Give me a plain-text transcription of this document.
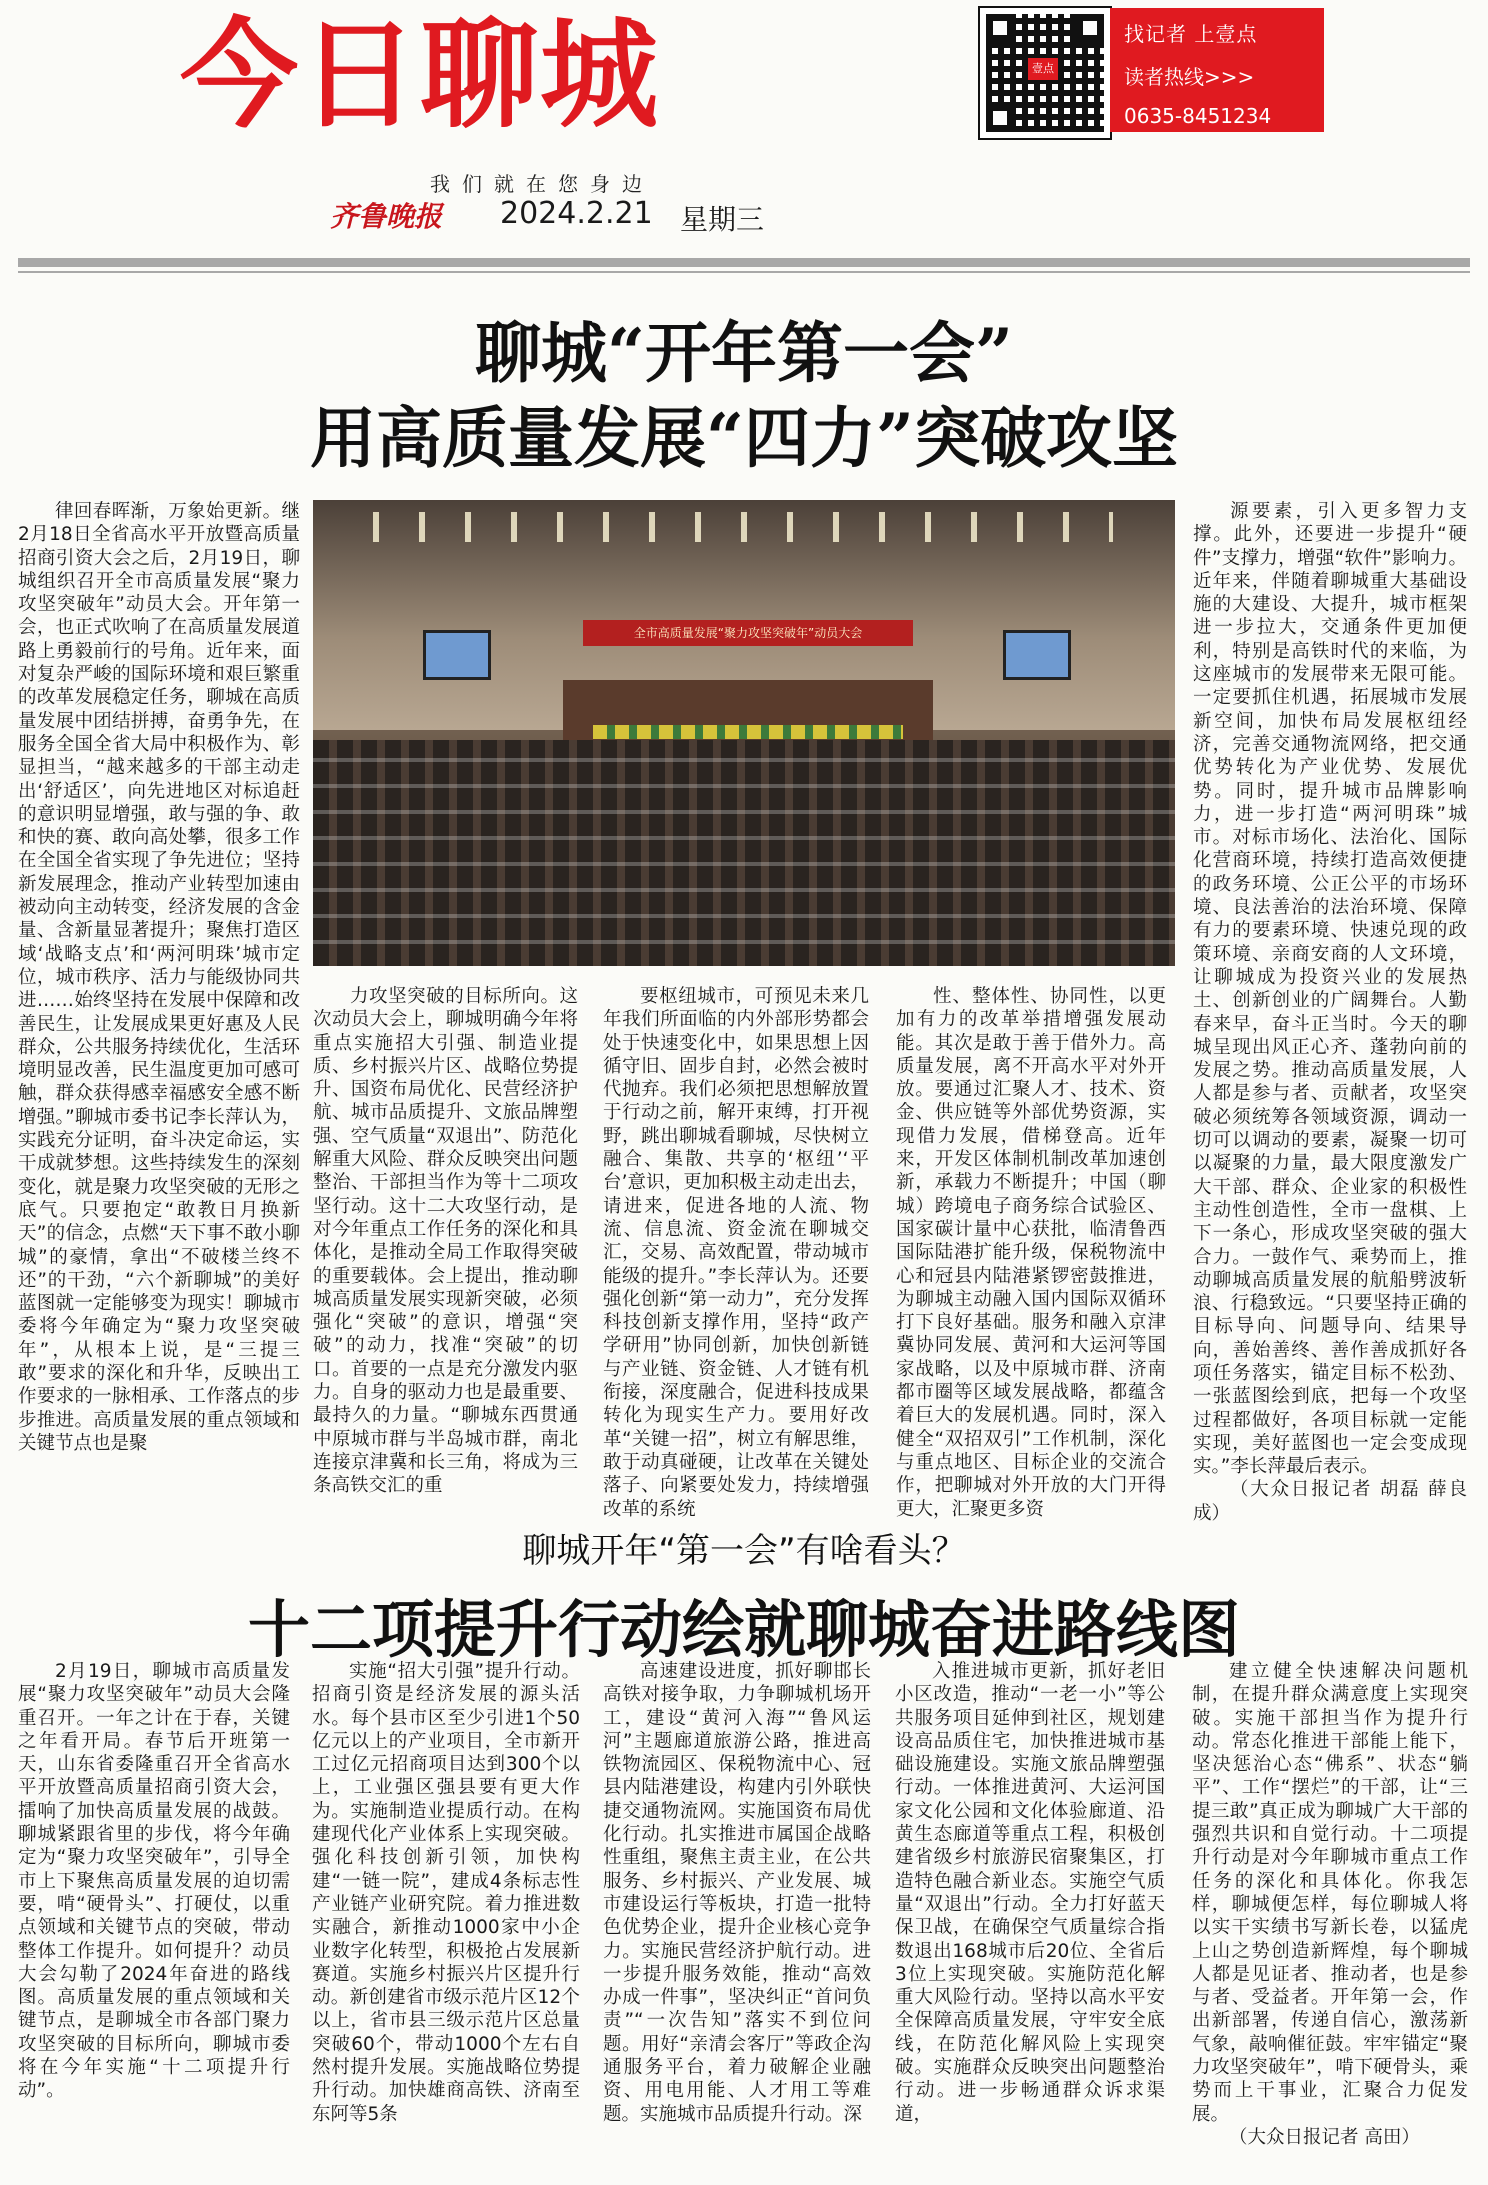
今日聊城	壹点
找记者 上壹点
读者热线>>>
0635-8451234
我们就在您身边
齐鲁晚报 2024.2.21 星期三
聊城“开年第一会”
用高质量发展“四力”突破攻坚

律回春晖渐，万象始更新。继2月18日全省高水平开放暨高质量招商引资大会之后，2月19日，聊城组织召开全市高质量发展“聚力攻坚突破年”动员大会。开年第一会，也正式吹响了在高质量发展道路上勇毅前行的号角。近年来，面对复杂严峻的国际环境和艰巨繁重的改革发展稳定任务，聊城在高质量发展中团结拼搏，奋勇争先，在服务全国全省大局中积极作为、彰显担当，“越来越多的干部主动走出‘舒适区’，向先进地区对标追赶的意识明显增强，敢与强的争、敢和快的赛、敢向高处攀，很多工作在全国全省实现了争先进位；坚持新发展理念，推动产业转型加速由被动向主动转变，经济发展的含金量、含新量显著提升；聚焦打造区域‘战略支点’和‘两河明珠’城市定位，城市秩序、活力与能级协同共进……始终坚持在发展中保障和改善民生，让发展成果更好惠及人民群众，公共服务持续优化，生活环境明显改善，民生温度更加可感可触，群众获得感幸福感安全感不断增强。”聊城市委书记李长萍认为，实践充分证明，奋斗决定命运，实干成就梦想。这些持续发生的深刻变化，就是聚力攻坚突破的无形之底气。只要抱定“敢教日月换新天”的信念，点燃“天下事不敢小聊城”的豪情，拿出“不破楼兰终不还”的干劲，“六个新聊城”的美好蓝图就一定能够变为现实！聊城市委将今年确定为“聚力攻坚突破年”，从根本上说，是“三提三敢”要求的深化和升华，反映出工作要求的一脉相承、工作落点的步步推进。高质量发展的重点领域和关键节点也是聚

全市高质量发展“聚力攻坚突破年”动员大会

力攻坚突破的目标所向。这次动员大会上，聊城明确今年将重点实施招大引强、制造业提质、乡村振兴片区、战略位势提升、国资布局优化、民营经济护航、城市品质提升、文旅品牌塑强、空气质量“双退出”、防范化解重大风险、群众反映突出问题整治、干部担当作为等十二项攻坚行动。这十二大攻坚行动，是对今年重点工作任务的深化和具体化，是推动全局工作取得突破的重要载体。会上提出，推动聊城高质量发展实现新突破，必须强化“突破”的意识，增强“突破”的动力，找准“突破”的切口。首要的一点是充分激发内驱力。自身的驱动力也是最重要、最持久的力量。“聊城东西贯通中原城市群与半岛城市群，南北连接京津冀和长三角，将成为三条高铁交汇的重

要枢纽城市，可预见未来几年我们所面临的内外部形势都会处于快速变化中，如果思想上因循守旧、固步自封，必然会被时代抛弃。我们必须把思想解放置于行动之前，解开束缚，打开视野，跳出聊城看聊城，尽快树立融合、集散、共享的‘枢纽’‘平台’意识，更加积极主动走出去，请进来，促进各地的人流、物流、信息流、资金流在聊城交汇，交易、高效配置，带动城市能级的提升。”李长萍认为。还要强化创新“第一动力”，充分发挥科技创新支撑作用，坚持“政产学研用”协同创新，加快创新链与产业链、资金链、人才链有机衔接，深度融合，促进科技成果转化为现实生产力。要用好改革“关键一招”，树立有解思维，敢于动真碰硬，让改革在关键处落子、向紧要处发力，持续增强改革的系统

性、整体性、协同性，以更加有力的改革举措增强发展动能。其次是敢于善于借外力。高质量发展，离不开高水平对外开放。要通过汇聚人才、技术、资金、供应链等外部优势资源，实现借力发展，借梯登高。近年来，开发区体制机制改革加速创新，承载力不断提升；中国（聊城）跨境电子商务综合试验区、国家碳计量中心获批，临清鲁西国际陆港扩能升级，保税物流中心和冠县内陆港紧锣密鼓推进，为聊城主动融入国内国际双循环打下良好基础。服务和融入京津冀协同发展、黄河和大运河等国家战略，以及中原城市群、济南都市圈等区域发展战略，都蕴含着巨大的发展机遇。同时，深入健全“双招双引”工作机制，深化与重点地区、目标企业的交流合作，把聊城对外开放的大门开得更大，汇聚更多资

源要素，引入更多智力支撑。此外，还要进一步提升“硬件”支撑力，增强“软件”影响力。近年来，伴随着聊城重大基础设施的大建设、大提升，城市框架进一步拉大，交通条件更加便利，特别是高铁时代的来临，为这座城市的发展带来无限可能。一定要抓住机遇，拓展城市发展新空间，加快布局发展枢纽经济，完善交通物流网络，把交通优势转化为产业优势、发展优势。同时，提升城市品牌影响力，进一步打造“两河明珠”城市。对标市场化、法治化、国际化营商环境，持续打造高效便捷的政务环境、公正公平的市场环境、良法善治的法治环境、保障有力的要素环境、快速兑现的政策环境、亲商安商的人文环境，让聊城成为投资兴业的发展热土、创新创业的广阔舞台。人勤春来早，奋斗正当时。今天的聊城呈现出风正心齐、蓬勃向前的发展之势。推动高质量发展，人人都是参与者、贡献者，攻坚突破必须统筹各领域资源，调动一切可以调动的要素，凝聚一切可以凝聚的力量，最大限度激发广大干部、群众、企业家的积极性主动性创造性，全市一盘棋、上下一条心，形成攻坚突破的强大合力。一鼓作气、乘势而上，推动聊城高质量发展的航船劈波斩浪、行稳致远。“只要坚持正确的目标导向、问题导向、结果导向，善始善终、善作善成抓好各项任务落实，锚定目标不松劲、一张蓝图绘到底，把每一个攻坚过程都做好，各项目标就一定能实现，美好蓝图也一定会变成现实。”李长萍最后表示。

（大众日报记者 胡磊 薛良成）

聊城开年“第一会”有啥看头？
十二项提升行动绘就聊城奋进路线图

2月19日，聊城市高质量发展“聚力攻坚突破年”动员大会隆重召开。一年之计在于春，关键之年看开局。春节后开班第一天，山东省委隆重召开全省高水平开放暨高质量招商引资大会，擂响了加快高质量发展的战鼓。聊城紧跟省里的步伐，将今年确定为“聚力攻坚突破年”，引导全市上下聚焦高质量发展的迫切需要，啃“硬骨头”、打硬仗，以重点领域和关键节点的突破，带动整体工作提升。如何提升？动员大会勾勒了2024年奋进的路线图。高质量发展的重点领域和关键节点，是聊城全市各部门聚力攻坚突破的目标所向，聊城市委将在今年实施“十二项提升行动”。

实施“招大引强”提升行动。招商引资是经济发展的源头活水。每个县市区至少引进1个50亿元以上的产业项目，全市新开工过亿元招商项目达到300个以上，工业强区强县要有更大作为。实施制造业提质行动。在构建现代化产业体系上实现突破。强化科技创新引领，加快构建“一链一院”，建成4条标志性产业链产业研究院。着力推进数实融合，新推动1000家中小企业数字化转型，积极抢占发展新赛道。实施乡村振兴片区提升行动。新创建省市级示范片区12个以上，省市县三级示范片区总量突破60个，带动1000个左右自然村提升发展。实施战略位势提升行动。加快雄商高铁、济南至东阿等5条

高速建设进度，抓好聊邯长高铁对接争取，力争聊城机场开工，建设“黄河入海”“鲁风运河”主题廊道旅游公路，推进高铁物流园区、保税物流中心、冠县内陆港建设，构建内引外联快捷交通物流网。实施国资布局优化行动。扎实推进市属国企战略性重组，聚焦主责主业，在公共服务、乡村振兴、产业发展、城市建设运行等板块，打造一批特色优势企业，提升企业核心竞争力。实施民营经济护航行动。进一步提升服务效能，推动“高效办成一件事”，坚决纠正“首问负责”“一次告知”落实不到位问题。用好“亲清会客厅”等政企沟通服务平台，着力破解企业融资、用电用能、人才用工等难题。实施城市品质提升行动。深

入推进城市更新，抓好老旧小区改造，推动“一老一小”等公共服务项目延伸到社区，规划建设高品质住宅，加快推进城市基础设施建设。实施文旅品牌塑强行动。一体推进黄河、大运河国家文化公园和文化体验廊道、沿黄生态廊道等重点工程，积极创建省级乡村旅游民宿聚集区，打造特色融合新业态。实施空气质量“双退出”行动。全力打好蓝天保卫战，在确保空气质量综合指数退出168城市后20位、全省后3位上实现突破。实施防范化解重大风险行动。坚持以高水平安全保障高质量发展，守牢安全底线，在防范化解风险上实现突破。实施群众反映突出问题整治行动。进一步畅通群众诉求渠道，

建立健全快速解决问题机制，在提升群众满意度上实现突破。实施干部担当作为提升行动。常态化推进干部能上能下，坚决惩治心态“佛系”、状态“躺平”、工作“摆烂”的干部，让“三提三敢”真正成为聊城广大干部的强烈共识和自觉行动。十二项提升行动是对今年聊城市重点工作任务的深化和具体化。你我怎样，聊城便怎样，每位聊城人将以实干实绩书写新长卷，以猛虎上山之势创造新辉煌，每个聊城人都是见证者、推动者，也是参与者、受益者。开年第一会，作出新部署，传递自信心，激荡新气象，敲响催征鼓。牢牢锚定“聚力攻坚突破年”，啃下硬骨头，乘势而上干事业，汇聚合力促发展。

（大众日报记者 高田）
